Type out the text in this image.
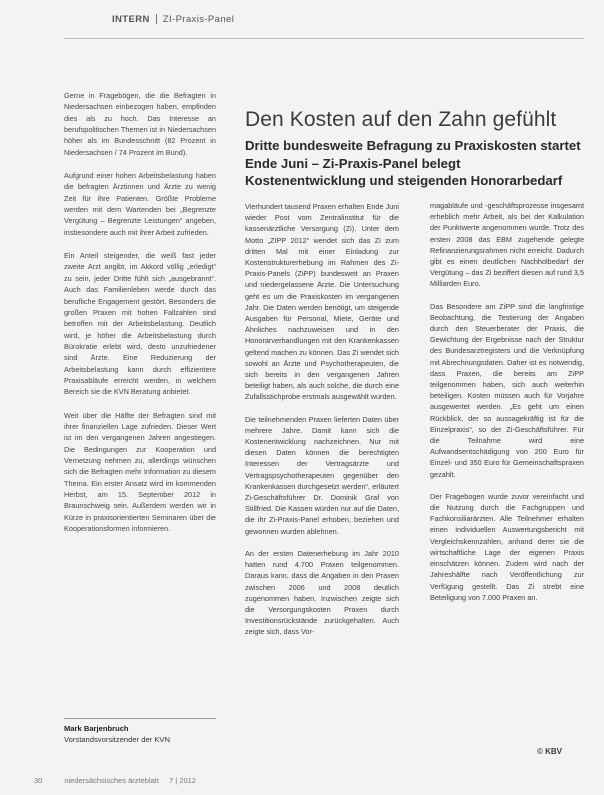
INTERN ZI-Praxis-Panel

Gerne in Fragebögen, die die Befragten in Niedersachsen einbezogen haben, empfinden dies als zu hoch. Das Interesse an berufspolitischen Themen ist in Niedersachsen höher als im Bundesschnitt (82 Prozent in Niedersachsen / 74 Prozent im Bund).

Aufgrund einer hohen Arbeitsbelastung haben die befragten Ärztinnen und Ärzte zu wenig Zeit für ihre Patienten. Größte Probleme werden mit dem Wartenden bei „Begrenzte Vergütung – Begrenzte Leistungen“ angeben, insbesondere auch mit ihrer Arbeit zufrieden.

Ein Anteil steigender, die weiß fast jeder zweite Arzt angibt, im Akkord völlig „erledigt“ zu sein, jeder Dritte fühlt sich „ausgebrannt“. Auch das Familienleben werde durch das berufliche Engagement gestört. Besonders die großen Praxen mit hohen Fallzahlen sind betroffen mit der Arbeitsbelastung. Deutlich wird, je höher die Arbeitsbelastung durch Bürokratie erlebt wird, desto unzufriedener sind Ärzte. Eine Reduzierung der Arbeitsbelastung kann durch effizientere Praxisabläufe erreicht werden, in welchem Bereich sie die KVN Beratung anbietet.

Weit über die Hälfte der Befragten sind mit ihrer finanziellen Lage zufrieden. Dieser Wert ist im den vergangenen Jahren angestiegen. Die Bedingungen zur Kooperation und Vernetzung nehmen zu, allerdings wünschen sich die Befragten mehr Information zu diesem Thema. Ein erster Ansatz wird im kommenden Herbst, am 15. September 2012 in Braunschweig sein. Außerdem werden wir in Kürze in praxisorientierten Seminaren über die Kooperationsformen informieren.

Mark Barjenbruch
Vorstandsvorsitzender der KVN
Den Kosten auf den Zahn gefühlt
Dritte bundesweite Befragung zu Praxiskosten startet Ende Juni – Zi-Praxis-Panel belegt Kostenentwicklung und steigenden Honorarbedarf

Vierhundert tausend Praxen erhalten Ende Juni wieder Post vom Zentralinstitut für die kassenärztliche Versorgung (Zi). Unter dem Motto „ZIPP 2012“ wendet sich das Zi zum dritten Mal mit einer Einladung zur Kostenstrukturerhebung im Rahmen des Zi-Praxis-Panels (ZiPP) bundesweit an Praxen und niedergelassene Ärzte. Die Untersuchung geht es um die Praxiskosten im vergangenen Jahr. Die Daten werden benötigt, um steigende Ausgaben für Personal, Miete, Geräte und Ähnliches nachzuweisen und in den Honorarverhandlungen mit den Krankenkassen geltend machen zu können. Das Zi wendet sich sowohl an Ärzte und Psychotherapeuten, die sich bereits in den vergangenen Jahren beteiligt haben, als auch solche, die durch eine Zufallsstichprobe erstmals ausgewählt wurden.

Die teilnehmenden Praxen lieferten Daten über mehrere Jahre. Damit kann sich die Kostenentwicklung nachzeichnen. Nur mit diesen Daten können die berechtigten Interessen der Vertragsärzte und Vertragspsychotherapeuten gegenüber den Krankenkassen durchgesetzt werden“, erläutert Zi-Geschäftsführer Dr. Dominik Graf von Stillfried. Die Kassen würden nur auf die Daten, die ihr Zi-Praxis-Panel erhoben, beziehen und gewonnen wurden ablehnen.

An der ersten Datenerhebung im Jahr 2010 hatten rund 4.700 Praxen teilgenommen. Daraus kann, dass die Angaben in den Praxen zwischen 2006 und 2008 deutlich zugenommen haben. Inzwischen zeigte sich die Versorgungskosten Praxen durch Investitionsrückstände zurückgehalten. Auch zeigte sich, dass Vor-

magabläufe und -geschäftsprozesse insgesamt erheblich mehr Arbeit, als bei der Kalkulation der Punktwerte angenommen wurde. Trotz des ersten 2008 das EBM zugehende gelegte Refinanzierungsrahmen nicht erreicht. Dadurch gibt es einen deutlichen Nachholbedarf der Vergütung – das Zi beziffert diesen auf rund 3,5 Milliarden Euro.

Das Besondere am ZiPP sind die langfristige Beobachtung, die Testierung der Angaben durch den Steuerberater der Praxis, die Gewichtung der Ergebnisse nach der Struktur des Bundesarztregisters und die Verknüpfung mit Abrechnungsdaten. Daher ist es notwendig, dass Praxen, die bereits am ZiPP teilgenommen haben, sich auch weiterhin beteiligen. Kosten müssen auch für Vorjahre ausgewertet werden. „Es geht um einen Rückblick, der so aussagekräftig ist für die Einzelpraxis“, so der Zi-Geschäftsführer. Für die Teilnahme wird eine Aufwandsentschädigung von 200 Euro für Einzel- und 350 Euro für Gemeinschaftspraxen gezahlt.

Der Fragebogen wurde zuvor vereinfacht und die Nutzung durch die Fachgruppen und Fachkonsiliarärzten. Alle Teilnehmer erhalten einen individuellen Auswertungsbericht mit Vergleichskennzahlen, anhand derer sie die wirtschaftliche Lage der eigenen Praxis einschätzen können. Zudem wird nach der Jahreshälfte nach Veröffentlichung zur Verfügung gestellt. Das Zi strebt eine Beteiligung von 7.000 Praxen an.

© KBV
30	niedersächsisches ärzteblatt 7 | 2012
